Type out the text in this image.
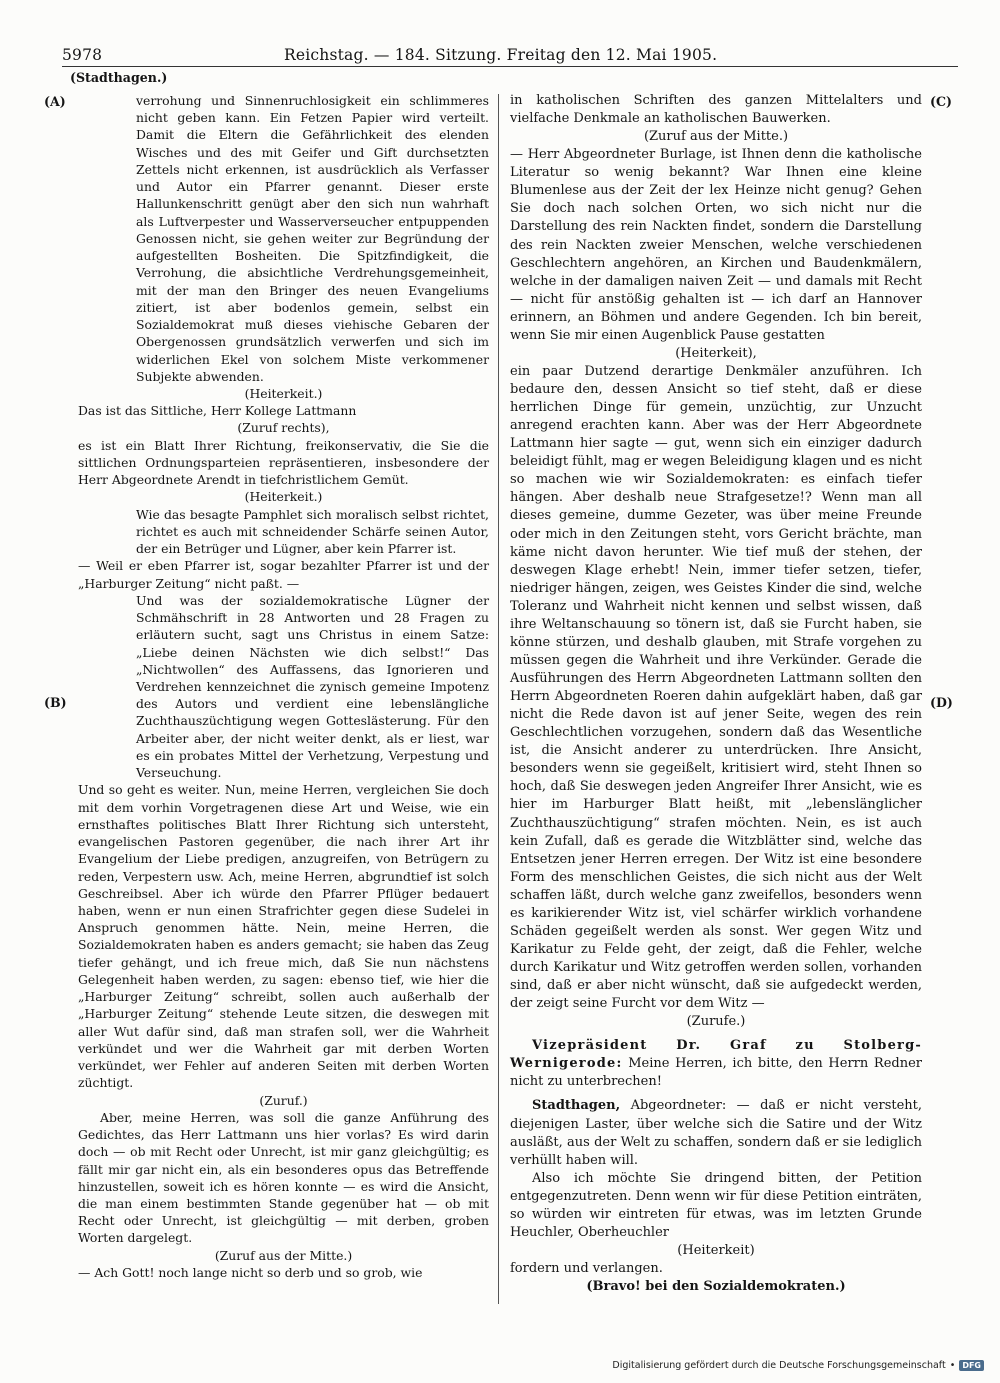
5978	Reichstag. — 184. Sitzung. Freitag den 12. Mai 1905.
(Stadthagen.)
(A)
(B)
(C)
(D)

verrohung und Sinnenruchlosigkeit ein schlimmeres nicht geben kann. Ein Fetzen Papier wird verteilt. Damit die Eltern die Gefährlichkeit des elenden Wisches und des mit Geifer und Gift durchsetzten Zettels nicht erkennen, ist ausdrücklich als Verfasser und Autor ein Pfarrer genannt. Dieser erste Hallunkenschritt genügt aber den sich nun wahrhaft als Luftverpester und Wasserverseucher entpuppenden Genossen nicht, sie gehen weiter zur Begründung der aufgestellten Bosheiten. Die Spitzfindigkeit, die Verrohung, die absichtliche Verdrehungsgemeinheit, mit der man den Bringer des neuen Evangeliums zitiert, ist aber bodenlos gemein, selbst ein Sozialdemokrat muß dieses viehische Gebaren der Obergenossen grundsätzlich verwerfen und sich im widerlichen Ekel von solchem Miste verkommener Subjekte abwenden.

(Heiterkeit.)

Das ist das Sittliche, Herr Kollege Lattmann

(Zuruf rechts),

es ist ein Blatt Ihrer Richtung, freikonservativ, die Sie die sittlichen Ordnungsparteien repräsentieren, insbesondere der Herr Abgeordnete Arendt in tiefchristlichem Gemüt.

(Heiterkeit.)

Wie das besagte Pamphlet sich moralisch selbst richtet, richtet es auch mit schneidender Schärfe seinen Autor, der ein Betrüger und Lügner, aber kein Pfarrer ist.

— Weil er eben Pfarrer ist, sogar bezahlter Pfarrer ist und der „Harburger Zeitung“ nicht paßt. —

Und was der sozialdemokratische Lügner der Schmähschrift in 28 Antworten und 28 Fragen zu erläutern sucht, sagt uns Christus in einem Satze: „Liebe deinen Nächsten wie dich selbst!“ Das „Nichtwollen“ des Auffassens, das Ignorieren und Verdrehen kennzeichnet die zynisch gemeine Impotenz des Autors und verdient eine lebenslängliche Zuchthauszüchtigung wegen Gotteslästerung. Für den Arbeiter aber, der nicht weiter denkt, als er liest, war es ein probates Mittel der Verhetzung, Verpestung und Verseuchung.

Und so geht es weiter. Nun, meine Herren, vergleichen Sie doch mit dem vorhin Vorgetragenen diese Art und Weise, wie ein ernsthaftes politisches Blatt Ihrer Richtung sich untersteht, evangelischen Pastoren gegenüber, die nach ihrer Art ihr Evangelium der Liebe predigen, anzugreifen, von Betrügern zu reden, Verpestern usw. Ach, meine Herren, abgrundtief ist solch Geschreibsel. Aber ich würde den Pfarrer Pflüger bedauert haben, wenn er nun einen Strafrichter gegen diese Sudelei in Anspruch genommen hätte. Nein, meine Herren, die Sozialdemokraten haben es anders gemacht; sie haben das Zeug tiefer gehängt, und ich freue mich, daß Sie nun nächstens Gelegenheit haben werden, zu sagen: ebenso tief, wie hier die „Harburger Zeitung“ schreibt, sollen auch außerhalb der „Harburger Zeitung“ stehende Leute sitzen, die deswegen mit aller Wut dafür sind, daß man strafen soll, wer die Wahrheit verkündet und wer die Wahrheit gar mit derben Worten verkündet, wer Fehler auf anderen Seiten mit derben Worten züchtigt.

(Zuruf.)

Aber, meine Herren, was soll die ganze Anführung des Gedichtes, das Herr Lattmann uns hier vorlas? Es wird darin doch — ob mit Recht oder Unrecht, ist mir ganz gleichgültig; es fällt mir gar nicht ein, als ein besonderes opus das Betreffende hinzustellen, soweit ich es hören konnte — es wird die Ansicht, die man einem bestimmten Stande gegenüber hat — ob mit Recht oder Unrecht, ist gleichgültig — mit derben, groben Worten dargelegt.

(Zuruf aus der Mitte.)

— Ach Gott! noch lange nicht so derb und so grob, wie

in katholischen Schriften des ganzen Mittelalters und vielfache Denkmale an katholischen Bauwerken.

(Zuruf aus der Mitte.)

— Herr Abgeordneter Burlage, ist Ihnen denn die katholische Literatur so wenig bekannt? War Ihnen eine kleine Blumenlese aus der Zeit der lex Heinze nicht genug? Gehen Sie doch nach solchen Orten, wo sich nicht nur die Darstellung des rein Nackten findet, sondern die Darstellung des rein Nackten zweier Menschen, welche verschiedenen Geschlechtern angehören, an Kirchen und Baudenkmälern, welche in der damaligen naiven Zeit — und damals mit Recht — nicht für anstößig gehalten ist — ich darf an Hannover erinnern, an Böhmen und andere Gegenden. Ich bin bereit, wenn Sie mir einen Augenblick Pause gestatten

(Heiterkeit),

ein paar Dutzend derartige Denkmäler anzuführen. Ich bedaure den, dessen Ansicht so tief steht, daß er diese herrlichen Dinge für gemein, unzüchtig, zur Unzucht anregend erachten kann. Aber was der Herr Abgeordnete Lattmann hier sagte — gut, wenn sich ein einziger dadurch beleidigt fühlt, mag er wegen Beleidigung klagen und es nicht so machen wie wir Sozialdemokraten: es einfach tiefer hängen. Aber deshalb neue Strafgesetze!? Wenn man all dieses gemeine, dumme Gezeter, was über meine Freunde oder mich in den Zeitungen steht, vors Gericht brächte, man käme nicht davon herunter. Wie tief muß der stehen, der deswegen Klage erhebt! Nein, immer tiefer setzen, tiefer, niedriger hängen, zeigen, wes Geistes Kinder die sind, welche Toleranz und Wahrheit nicht kennen und selbst wissen, daß ihre Weltanschauung so tönern ist, daß sie Furcht haben, sie könne stürzen, und deshalb glauben, mit Strafe vorgehen zu müssen gegen die Wahrheit und ihre Verkünder. Gerade die Ausführungen des Herrn Abgeordneten Lattmann sollten den Herrn Abgeordneten Roeren dahin aufgeklärt haben, daß gar nicht die Rede davon ist auf jener Seite, wegen des rein Geschlechtlichen vorzugehen, sondern daß das Wesentliche ist, die Ansicht anderer zu unterdrücken. Ihre Ansicht, besonders wenn sie gegeißelt, kritisiert wird, steht Ihnen so hoch, daß Sie deswegen jeden Angreifer Ihrer Ansicht, wie es hier im Harburger Blatt heißt, mit „lebenslänglicher Zuchthauszüchtigung“ strafen möchten. Nein, es ist auch kein Zufall, daß es gerade die Witzblätter sind, welche das Entsetzen jener Herren erregen. Der Witz ist eine besondere Form des menschlichen Geistes, die sich nicht aus der Welt schaffen läßt, durch welche ganz zweifellos, besonders wenn es karikierender Witz ist, viel schärfer wirklich vorhandene Schäden gegeißelt werden als sonst. Wer gegen Witz und Karikatur zu Felde geht, der zeigt, daß die Fehler, welche durch Karikatur und Witz getroffen werden sollen, vorhanden sind, daß er aber nicht wünscht, daß sie aufgedeckt werden, der zeigt seine Furcht vor dem Witz —

(Zurufe.)

Vizepräsident Dr. Graf zu Stolberg-Wernigerode: Meine Herren, ich bitte, den Herrn Redner nicht zu unterbrechen!

Stadthagen, Abgeordneter: — daß er nicht versteht, diejenigen Laster, über welche sich die Satire und der Witz ausläßt, aus der Welt zu schaffen, sondern daß er sie lediglich verhüllt haben will.

Also ich möchte Sie dringend bitten, der Petition entgegenzutreten. Denn wenn wir für diese Petition einträten, so würden wir eintreten für etwas, was im letzten Grunde Heuchler, Oberheuchler

(Heiterkeit)

fordern und verlangen.

(Bravo! bei den Sozialdemokraten.)

Digitalisierung gefördert durch die Deutsche Forschungsgemeinschaft • DFG
